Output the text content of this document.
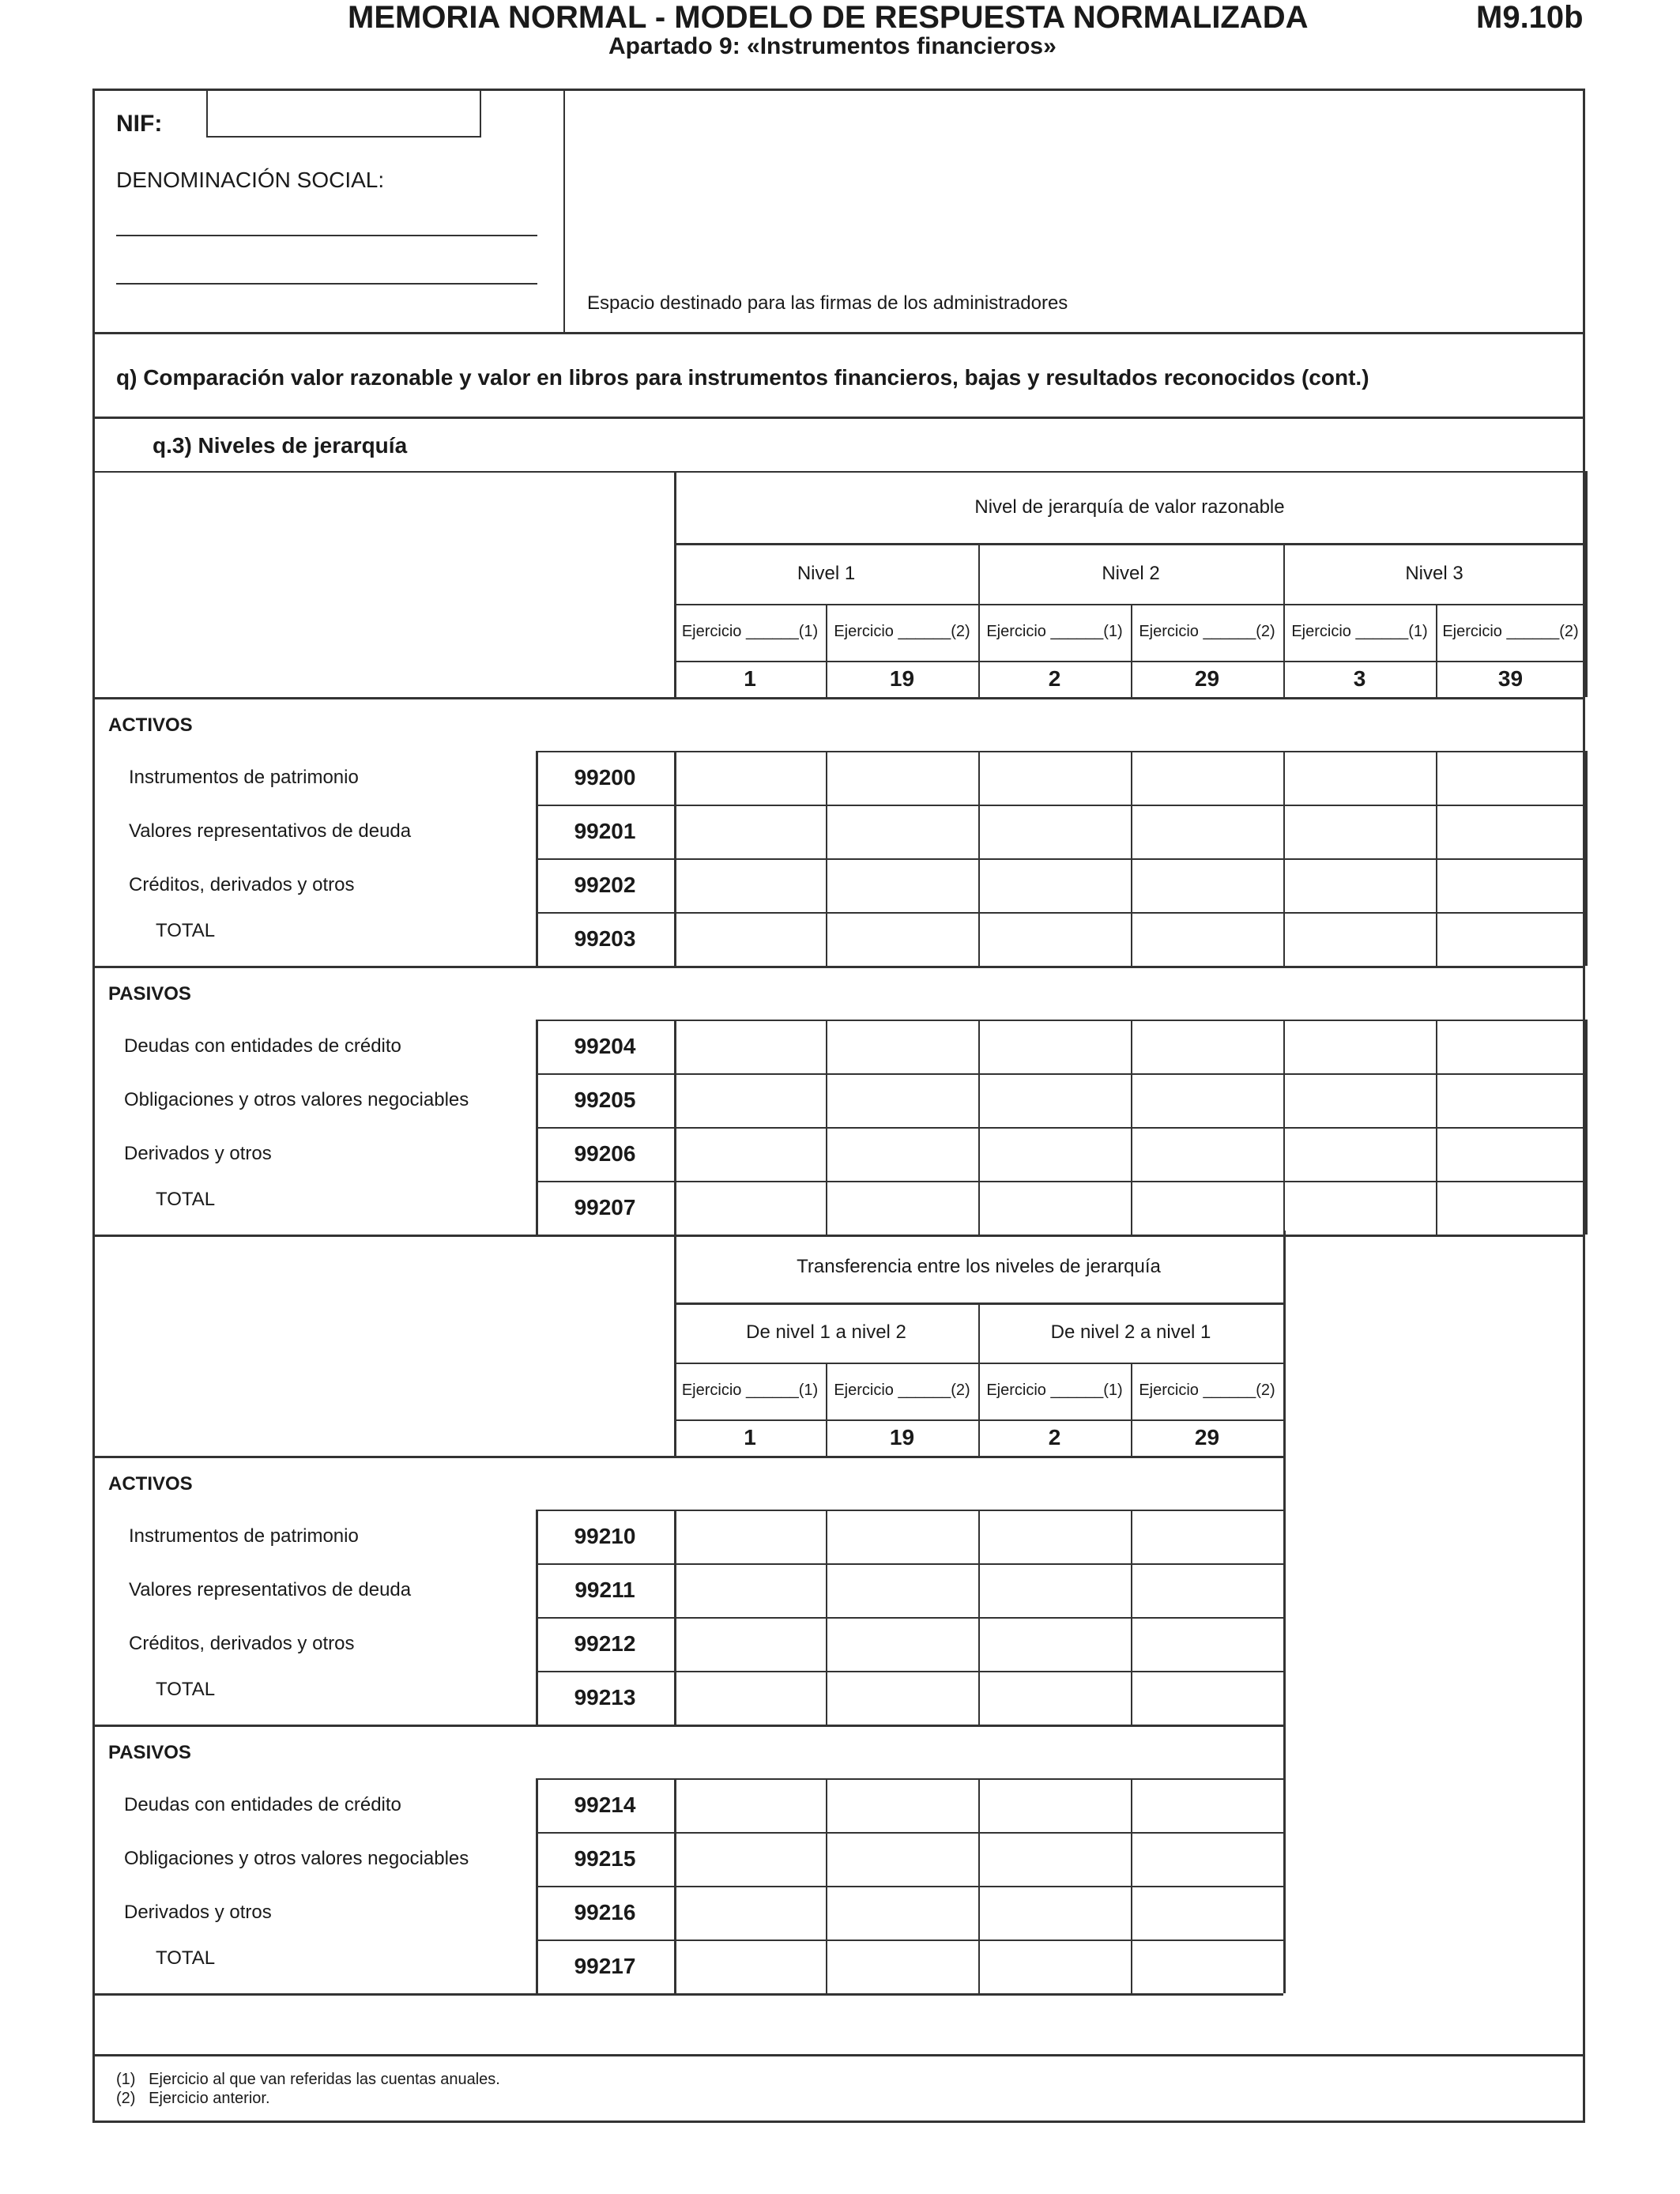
MEMORIA NORMAL - MODELO DE RESPUESTA NORMALIZADA
Apartado 9: «Instrumentos financieros»
M9.10b
NIF:
DENOMINACIÓN SOCIAL:
Espacio destinado para las firmas de los administradores
q) Comparación valor razonable y valor en libros para instrumentos financieros, bajas y resultados reconocidos (cont.)
q.3) Niveles de jerarquía
(1)   Ejercicio al que van referidas las cuentas anuales.
(2)   Ejercicio anterior.
Nivel de jerarquía de valor razonable
Nivel 1	Nivel 2	Nivel 3
Ejercicio ______(1)	Ejercicio ______(2)	Ejercicio ______(1)	Ejercicio ______(2)	Ejercicio ______(1) Ejercicio ______(2)
1	19	2	29	3	39
ACTIVOS
Instrumentos de patrimonio	99200
Valores representativos de deuda	99201
Créditos, derivados y otros	99202
TOTAL	99203
PASIVOS
Deudas con entidades de crédito	99204
Obligaciones y otros valores negociables	99205
Derivados y otros	99206
TOTAL	99207
Transferencia entre los niveles de jerarquía
De nivel 1 a nivel 2	De nivel 2 a nivel 1
Ejercicio ______(1)	Ejercicio ______(2)	Ejercicio ______(1)	Ejercicio ______(2)
1	19	2	29
ACTIVOS
Instrumentos de patrimonio	99210
Valores representativos de deuda	99211
Créditos, derivados y otros	99212
TOTAL	99213
PASIVOS
Deudas con entidades de crédito	99214
Obligaciones y otros valores negociables	99215
Derivados y otros	99216
TOTAL	99217
